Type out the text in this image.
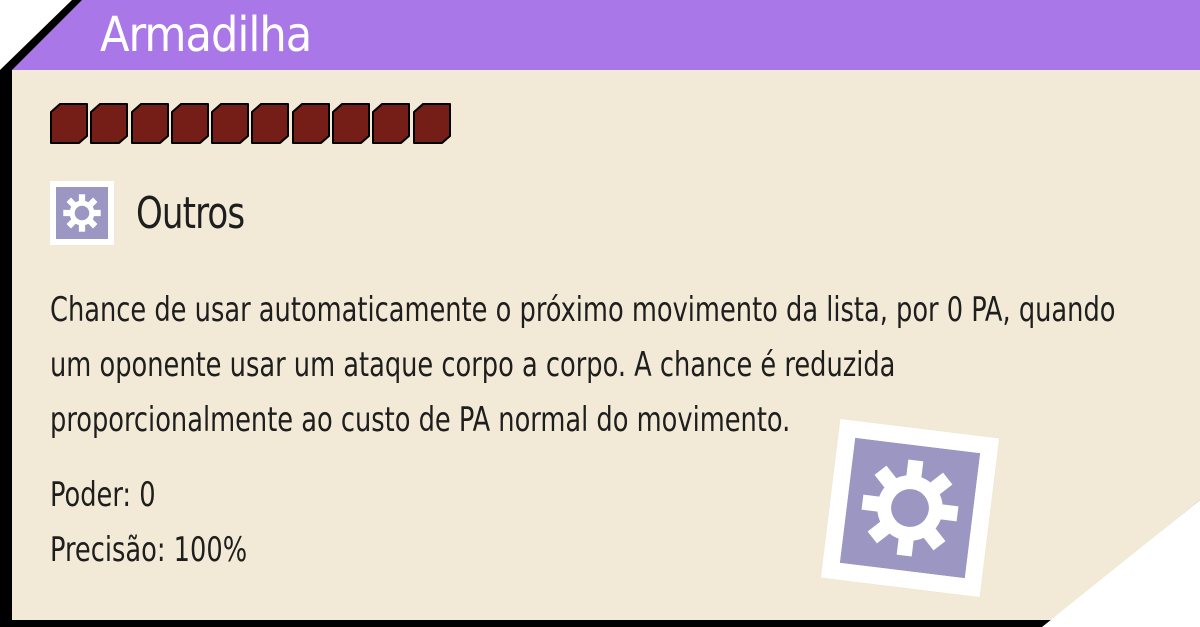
Armadilha
Outros

Chance de usar automaticamente o próximo movimento da lista, por 0 PA, quando um oponente usar um ataque corpo a corpo. A chance é reduzida proporcionalmente ao custo de PA normal do movimento.

Poder: 0
Precisão: 100%
